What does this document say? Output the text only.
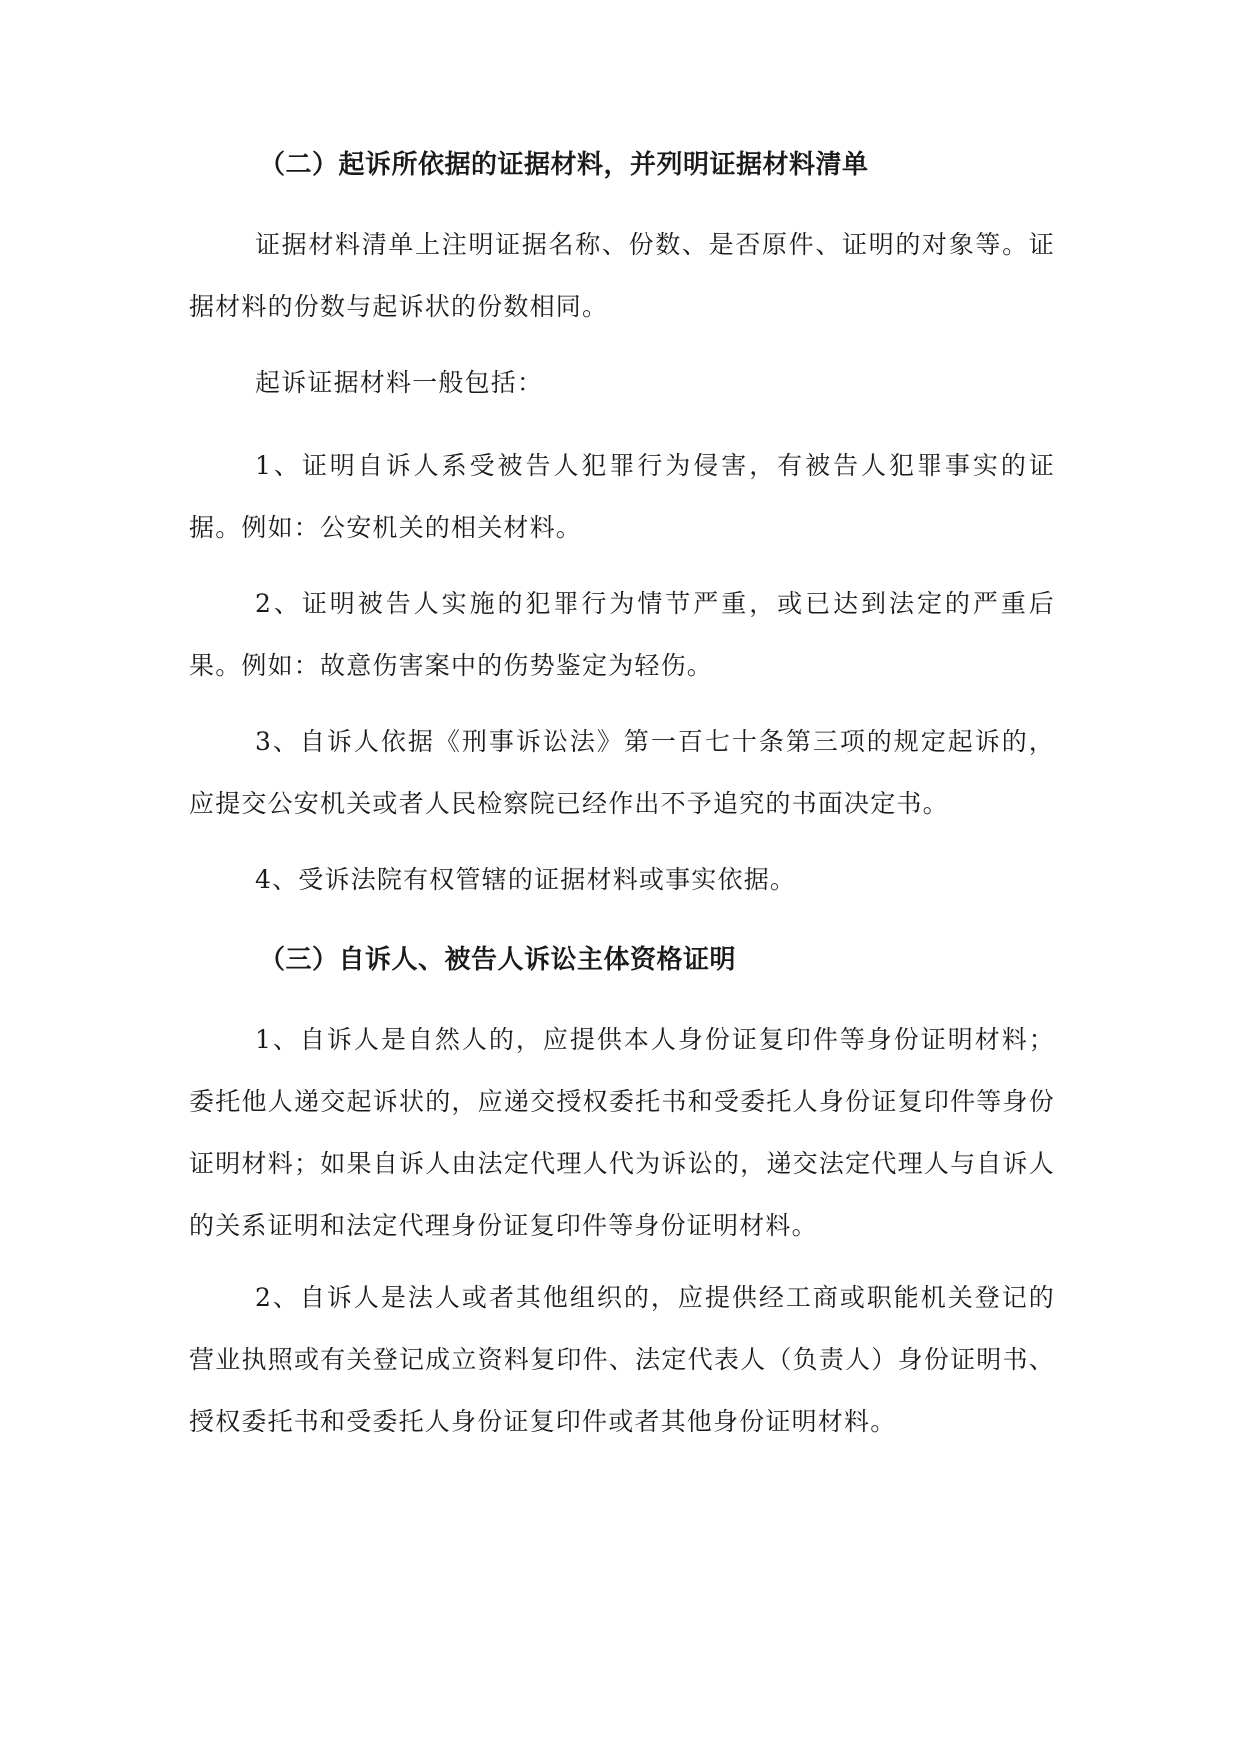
（二）起诉所依据的证据材料，并列明证据材料清单

证据材料清单上注明证据名称、份数、是否原件、证明的对象等。证据材料的份数与起诉状的份数相同。

起诉证据材料一般包括：

1、证明自诉人系受被告人犯罪行为侵害，有被告人犯罪事实的证据。例如：公安机关的相关材料。

2、证明被告人实施的犯罪行为情节严重，或已达到法定的严重后果。例如：故意伤害案中的伤势鉴定为轻伤。

3、自诉人依据《刑事诉讼法》第一百七十条第三项的规定起诉的，应提交公安机关或者人民检察院已经作出不予追究的书面决定书。

4、受诉法院有权管辖的证据材料或事实依据。

（三）自诉人、被告人诉讼主体资格证明

1、自诉人是自然人的，应提供本人身份证复印件等身份证明材料；委托他人递交起诉状的，应递交授权委托书和受委托人身份证复印件等身份证明材料；如果自诉人由法定代理人代为诉讼的，递交法定代理人与自诉人的关系证明和法定代理身份证复印件等身份证明材料。

2、自诉人是法人或者其他组织的，应提供经工商或职能机关登记的营业执照或有关登记成立资料复印件、法定代表人（负责人）身份证明书、授权委托书和受委托人身份证复印件或者其他身份证明材料。
